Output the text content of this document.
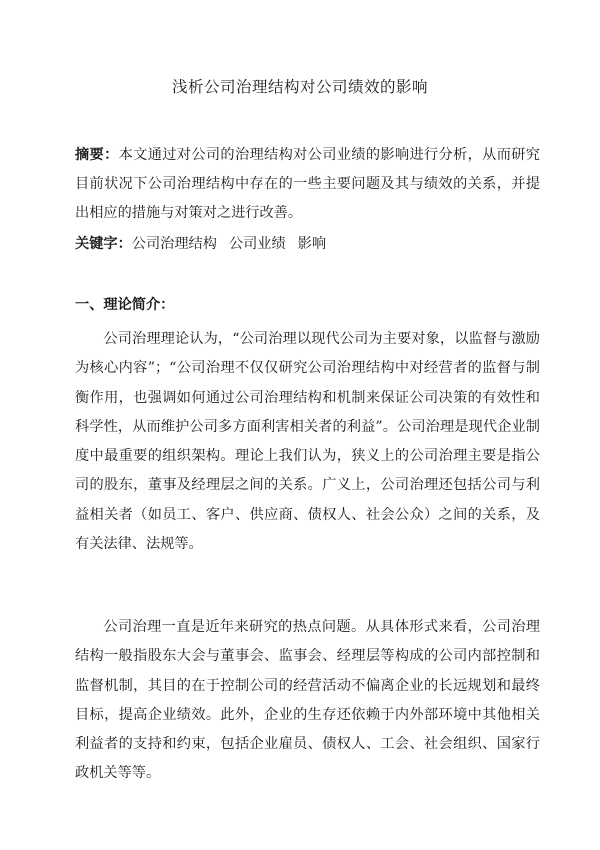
浅析公司治理结构对公司绩效的影响

摘要：本文通过对公司的治理结构对公司业绩的影响进行分析，从而研究目前状况下公司治理结构中存在的一些主要问题及其与绩效的关系，并提出相应的措施与对策对之进行改善。

关键字：公司治理结构 公司业绩 影响

一、理论简介：

公司治理理论认为，“公司治理以现代公司为主要对象，以监督与激励为核心内容”；“公司治理不仅仅研究公司治理结构中对经营者的监督与制衡作用，也强调如何通过公司治理结构和机制来保证公司决策的有效性和科学性，从而维护公司多方面利害相关者的利益”。公司治理是现代企业制度中最重要的组织架构。理论上我们认为，狭义上的公司治理主要是指公司的股东，董事及经理层之间的关系。广义上，公司治理还包括公司与利益相关者（如员工、客户、供应商、债权人、社会公众）之间的关系，及有关法律、法规等。

公司治理一直是近年来研究的热点问题。从具体形式来看，公司治理结构一般指股东大会与董事会、监事会、经理层等构成的公司内部控制和监督机制，其目的在于控制公司的经营活动不偏离企业的长远规划和最终目标，提高企业绩效。此外，企业的生存还依赖于内外部环境中其他相关利益者的支持和约束，包括企业雇员、债权人、工会、社会组织、国家行政机关等等。
